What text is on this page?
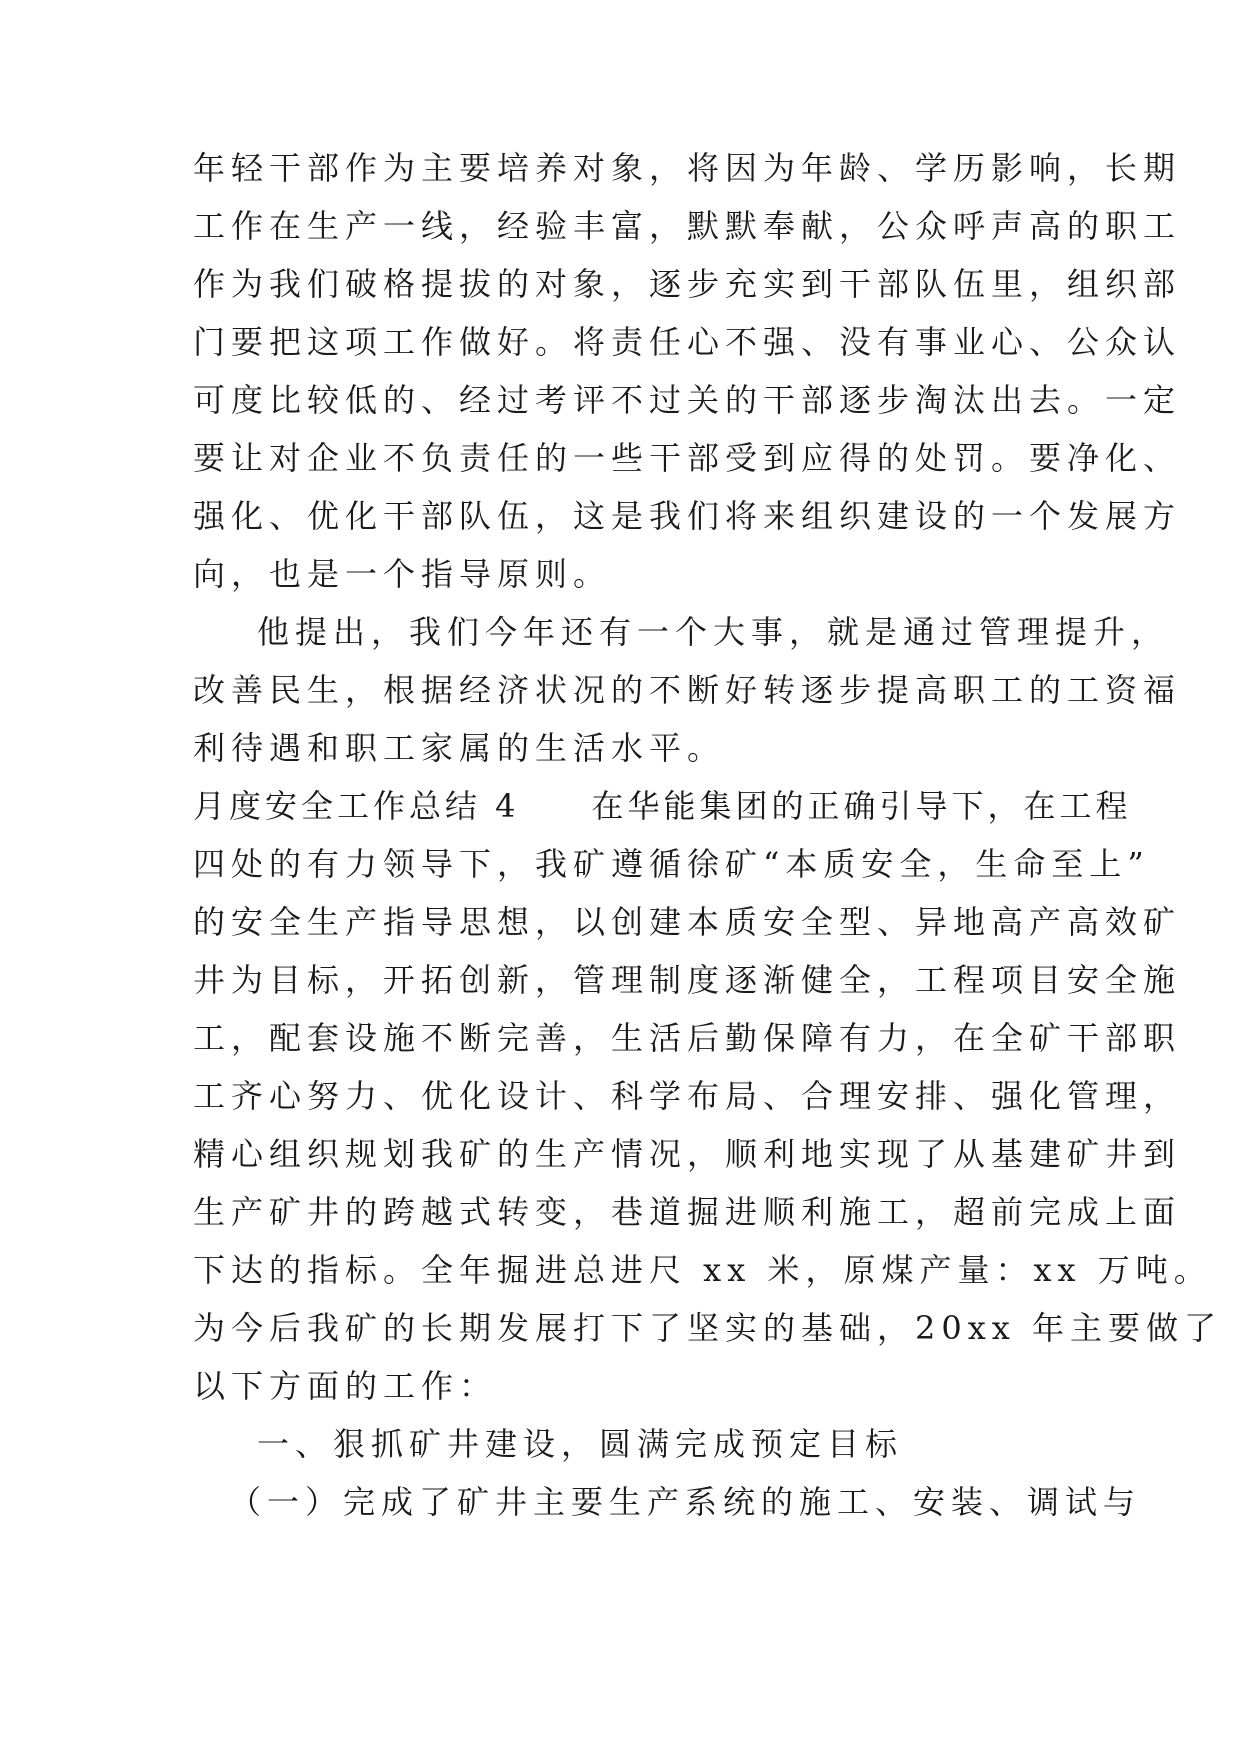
年轻干部作为主要培养对象，将因为年龄、学历影响，长期
工作在生产一线，经验丰富，默默奉献，公众呼声高的职工
作为我们破格提拔的对象，逐步充实到干部队伍里，组织部
门要把这项工作做好。将责任心不强、没有事业心、公众认
可度比较低的、经过考评不过关的干部逐步淘汰出去。一定
要让对企业不负责任的一些干部受到应得的处罚。要净化、
强化、优化干部队伍，这是我们将来组织建设的一个发展方
向，也是一个指导原则。
他提出，我们今年还有一个大事，就是通过管理提升，
改善民生，根据经济状况的不断好转逐步提高职工的工资福
利待遇和职工家属的生活水平。
月度安全工作总结 4　　在华能集团的正确引导下，在工程
四处的有力领导下，我矿遵循徐矿“本质安全，生命至上”
的安全生产指导思想，以创建本质安全型、异地高产高效矿
井为目标，开拓创新，管理制度逐渐健全，工程项目安全施
工，配套设施不断完善，生活后勤保障有力，在全矿干部职
工齐心努力、优化设计、科学布局、合理安排、强化管理，
精心组织规划我矿的生产情况，顺利地实现了从基建矿井到
生产矿井的跨越式转变，巷道掘进顺利施工，超前完成上面
下达的指标。全年掘进总进尺 xx 米，原煤产量：xx 万吨。
为今后我矿的长期发展打下了坚实的基础，20xx 年主要做了
以下方面的工作：
一、狠抓矿井建设，圆满完成预定目标
（一）完成了矿井主要生产系统的施工、安装、调试与
